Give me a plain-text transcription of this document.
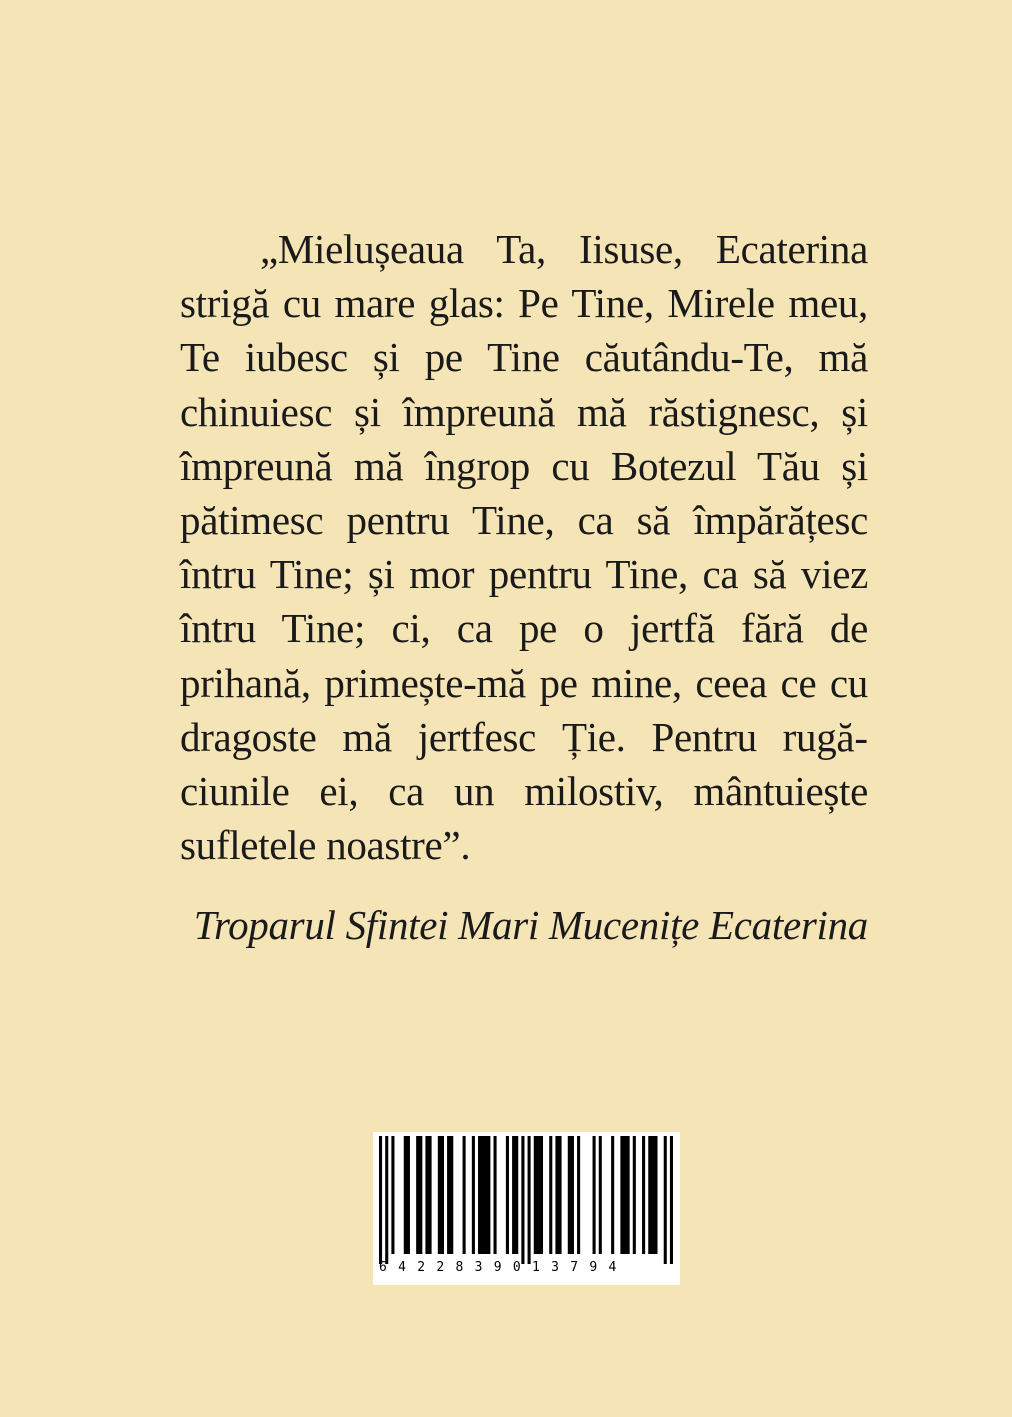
„Mielușeaua Ta, Iisuse, Ecaterina strigă cu mare glas: Pe Tine, Mirele meu, Te iubesc și pe Tine căutându-Te, mă chinuiesc și împreună mă răstignesc, și împreună mă îngrop cu Botezul Tău și pătimesc pentru Tine, ca să împărățesc întru Tine; și mor pentru Tine, ca să viez întru Tine; ci, ca pe o jertfă fără de prihană, primește-mă pe mine, ceea ce cu dragoste mă jertfesc Ție. Pentru rugăciunile ei, ca un milostiv, mântuiește sufletele noastre”.

Troparul Sfintei Mari Mucenițe Ecaterina
6422839013794
